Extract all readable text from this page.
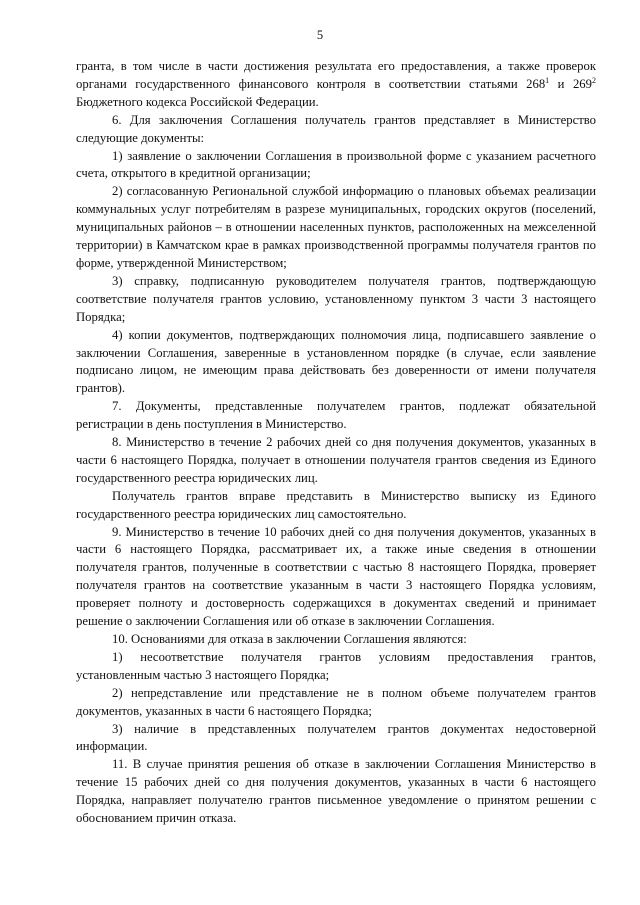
5

гранта, в том числе в части достижения результата его предоставления, а также проверок органами государственного финансового контроля в соответствии статьями $268^1$ и $269^2$ Бюджетного кодекса Российской Федерации.

6. Для заключения Соглашения получатель грантов представляет в Министерство следующие документы:

1) заявление о заключении Соглашения в произвольной форме с указанием расчетного счета, открытого в кредитной организации;

2) согласованную Региональной службой информацию о плановых объемах реализации коммунальных услуг потребителям в разрезе муниципальных, городских округов (поселений, муниципальных районов – в отношении населенных пунктов, расположенных на межселенной территории) в Камчатском крае в рамках производственной программы получателя грантов по форме, утвержденной Министерством;

3) справку, подписанную руководителем получателя грантов, подтверждающую соответствие получателя грантов условию, установленному пунктом 3 части 3 настоящего Порядка;

4) копии документов, подтверждающих полномочия лица, подписавшего заявление о заключении Соглашения, заверенные в установленном порядке (в случае, если заявление подписано лицом, не имеющим права действовать без доверенности от имени получателя грантов).

7. Документы, представленные получателем грантов, подлежат обязательной регистрации в день поступления в Министерство.

8. Министерство в течение 2 рабочих дней со дня получения документов, указанных в части 6 настоящего Порядка, получает в отношении получателя грантов сведения из Единого государственного реестра юридических лиц.

Получатель грантов вправе представить в Министерство выписку из Единого государственного реестра юридических лиц самостоятельно.

9. Министерство в течение 10 рабочих дней со дня получения документов, указанных в части 6 настоящего Порядка, рассматривает их, а также иные сведения в отношении получателя грантов, полученные в соответствии с частью 8 настоящего Порядка, проверяет получателя грантов на соответствие указанным в части 3 настоящего Порядка условиям, проверяет полноту и достоверность содержащихся в документах сведений и принимает решение о заключении Соглашения или об отказе в заключении Соглашения.

10. Основаниями для отказа в заключении Соглашения являются:

1) несоответствие получателя грантов условиям предоставления грантов, установленным частью 3 настоящего Порядка;

2) непредставление или представление не в полном объеме получателем грантов документов, указанных в части 6 настоящего Порядка;

3) наличие в представленных получателем грантов документах недостоверной информации.

11. В случае принятия решения об отказе в заключении Соглашения Министерство в течение 15 рабочих дней со дня получения документов, указанных в части 6 настоящего Порядка, направляет получателю грантов письменное уведомление о принятом решении с обоснованием причин отказа.
